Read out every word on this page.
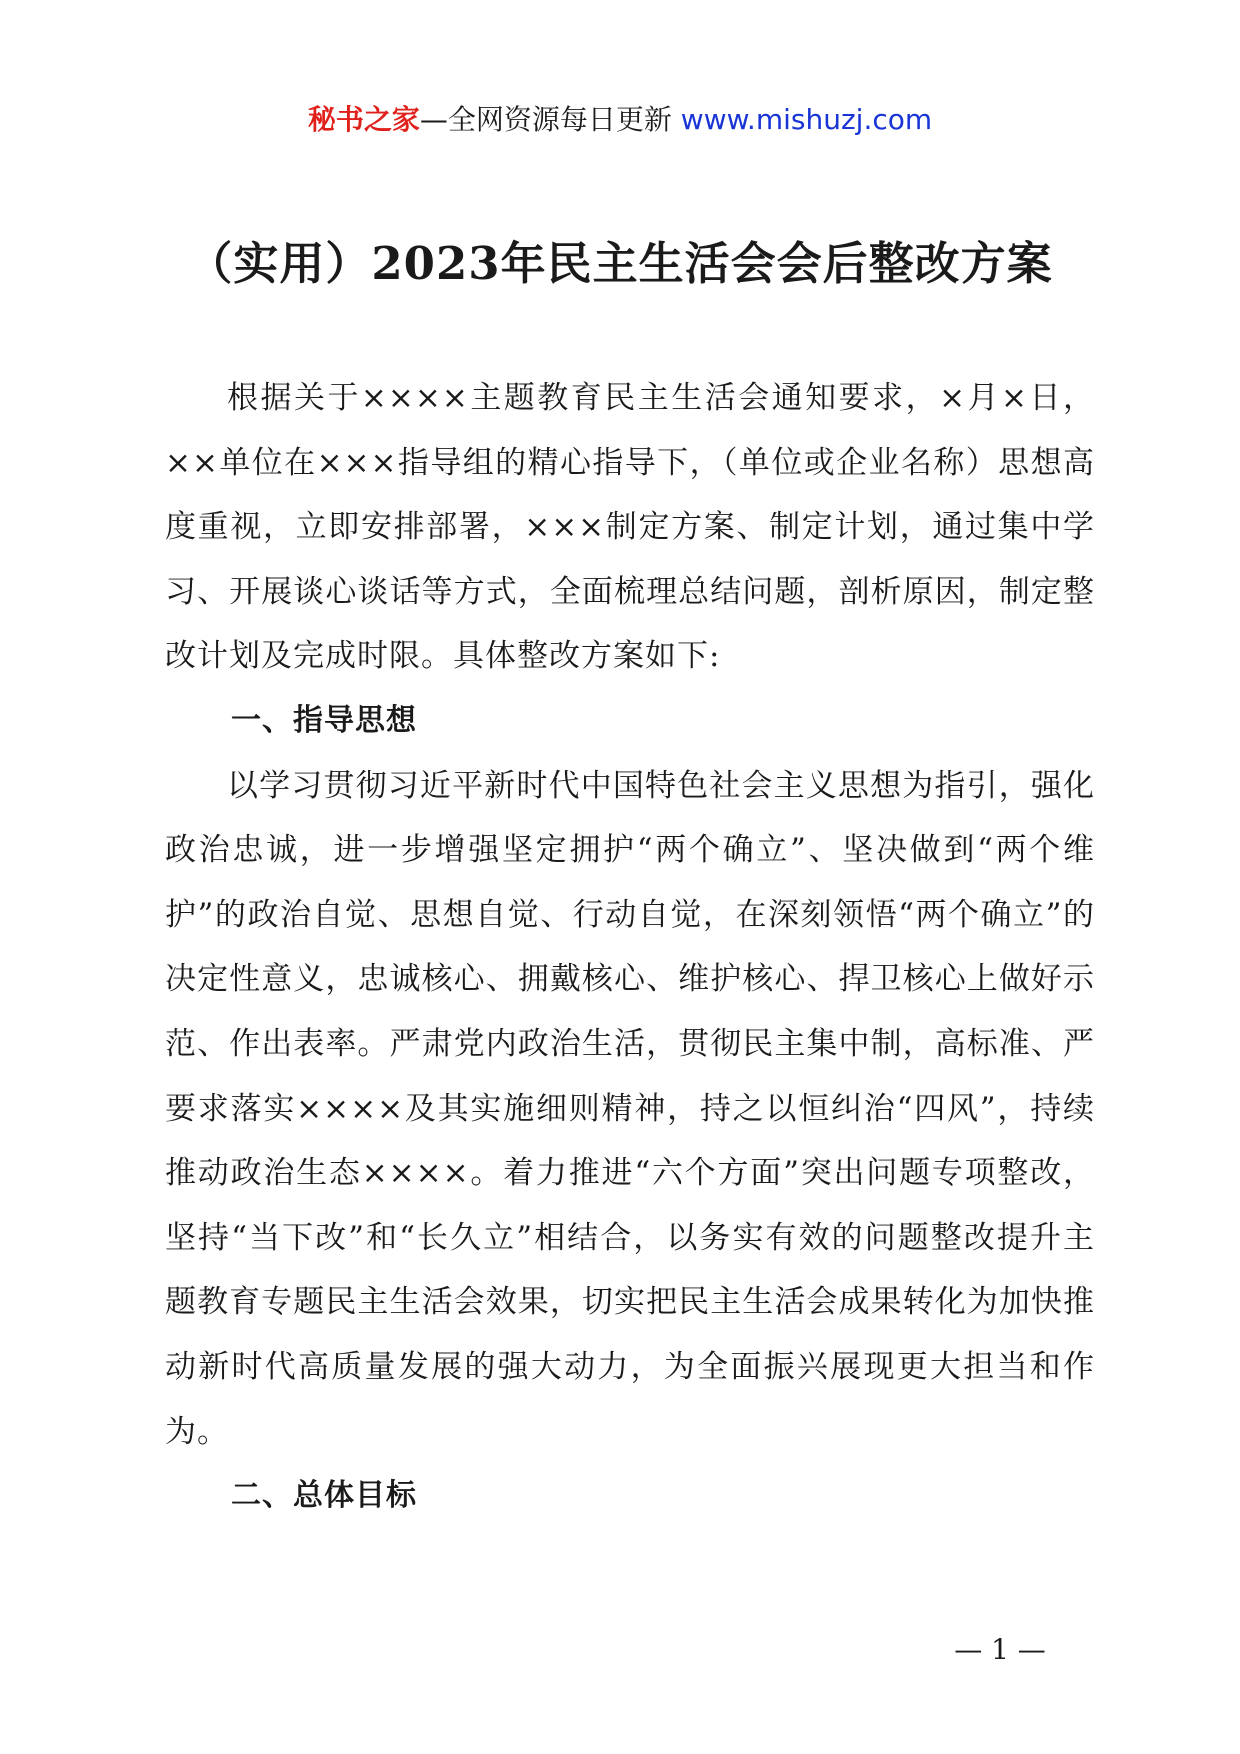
秘书之家—全网资源每日更新 www.mishuzj.com
（实用）2023年民主生活会会后整改方案

根据关于××××主题教育民主生活会通知要求，×月×日，××单位在×××指导组的精心指导下，（单位或企业名称）思想高度重视，立即安排部署，×××制定方案、制定计划，通过集中学习、开展谈心谈话等方式，全面梳理总结问题，剖析原因，制定整改计划及完成时限。具体整改方案如下:

一、指导思想

以学习贯彻习近平新时代中国特色社会主义思想为指引，强化政治忠诚，进一步增强坚定拥护“两个确立”、坚决做到“两个维护”的政治自觉、思想自觉、行动自觉，在深刻领悟“两个确立”的决定性意义，忠诚核心、拥戴核心、维护核心、捍卫核心上做好示范、作出表率。严肃党内政治生活，贯彻民主集中制，高标准、严要求落实××××及其实施细则精神，持之以恒纠治“四风”，持续推动政治生态××××。着力推进“六个方面”突出问题专项整改，坚持“当下改”和“长久立”相结合，以务实有效的问题整改提升主题教育专题民主生活会效果，切实把民主生活会成果转化为加快推动新时代高质量发展的强大动力，为全面振兴展现更大担当和作为。

二、总体目标
— 1 —
